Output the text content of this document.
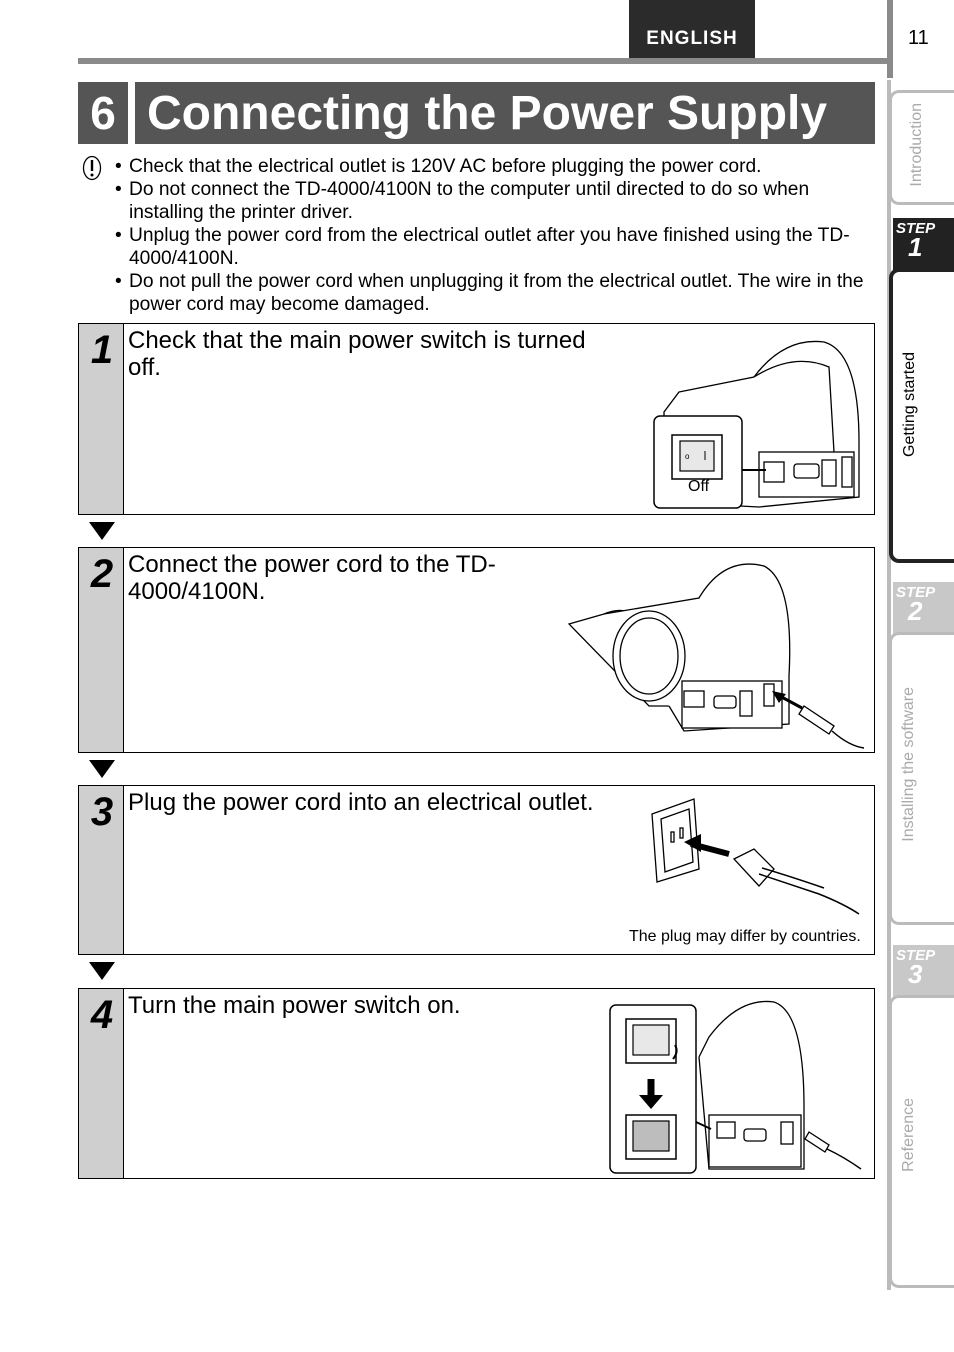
ENGLISH	11
6 Connecting the Power Supply
• Check that the electrical outlet is 120V AC before plugging the power cord.
• Do not connect the TD-4000/4100N to the computer until directed to do so when installing the printer driver.
• Unplug the power cord from the electrical outlet after you have finished using the TD-4000/4100N.
• Do not pull the power cord when unplugging it from the electrical outlet. The wire in the power cord may become damaged.
1 Check that the main power switch is turned off.
o
Off
2 Connect the power cord to the TD-4000/4100N.
3 Plug the power cord into an electrical outlet.
The plug may differ by countries.
4 Turn the main power switch on.
Introduction
STEP
1
Getting started
STEP
2
Installing the software
STEP
3
Reference
